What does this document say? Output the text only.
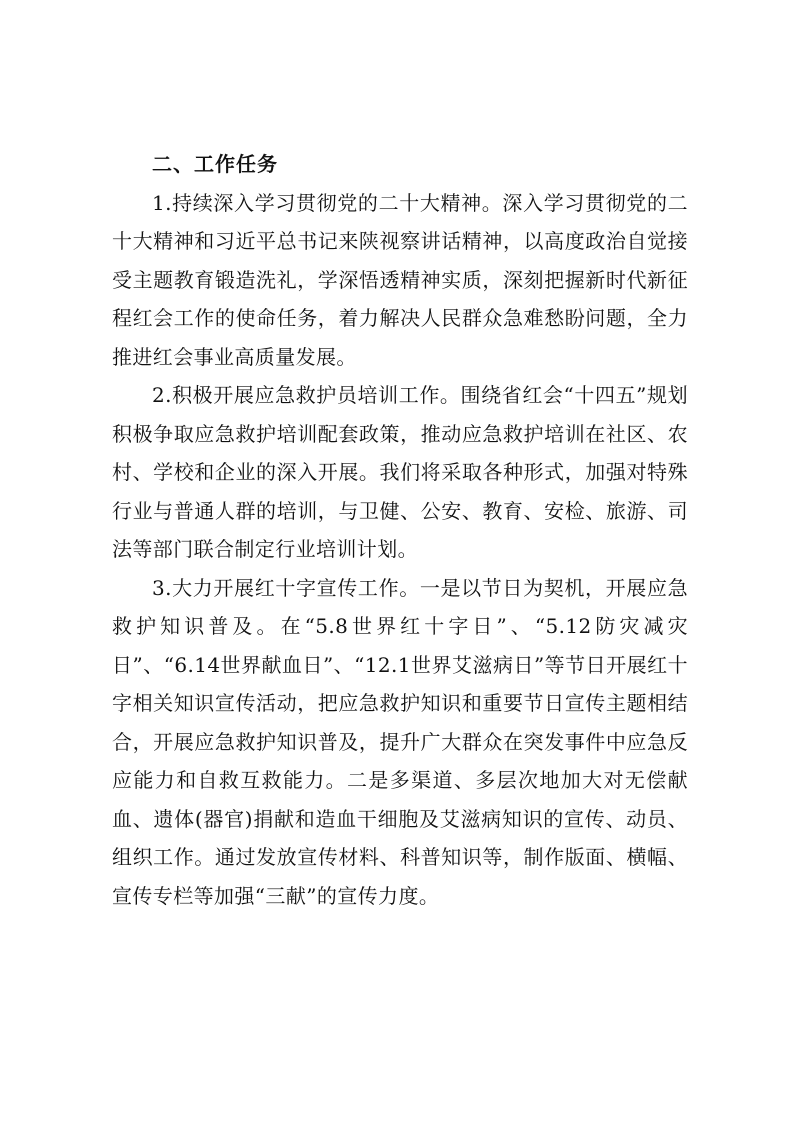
二、工作任务

1.持续深入学习贯彻党的二十大精神。深入学习贯彻党的二十大精神和习近平总书记来陕视察讲话精神，以高度政治自觉接受主题教育锻造洗礼，学深悟透精神实质，深刻把握新时代新征程红会工作的使命任务，着力解决人民群众急难愁盼问题，全力推进红会事业高质量发展。

2.积极开展应急救护员培训工作。围绕省红会“十四五”规划积极争取应急救护培训配套政策，推动应急救护培训在社区、农村、学校和企业的深入开展。我们将采取各种形式，加强对特殊行业与普通人群的培训，与卫健、公安、教育、安检、旅游、司法等部门联合制定行业培训计划。

3.大力开展红十字宣传工作。一是以节日为契机，开展应急救护知识普及。在“5.8世界红十字日”、“5.12防灾减灾日”、“6.14世界献血日”、“12.1世界艾滋病日”等节日开展红十字相关知识宣传活动，把应急救护知识和重要节日宣传主题相结合，开展应急救护知识普及，提升广大群众在突发事件中应急反应能力和自救互救能力。二是多渠道、多层次地加大对无偿献血、遗体(器官)捐献和造血干细胞及艾滋病知识的宣传、动员、组织工作。通过发放宣传材料、科普知识等，制作版面、横幅、宣传专栏等加强“三献”的宣传力度。
